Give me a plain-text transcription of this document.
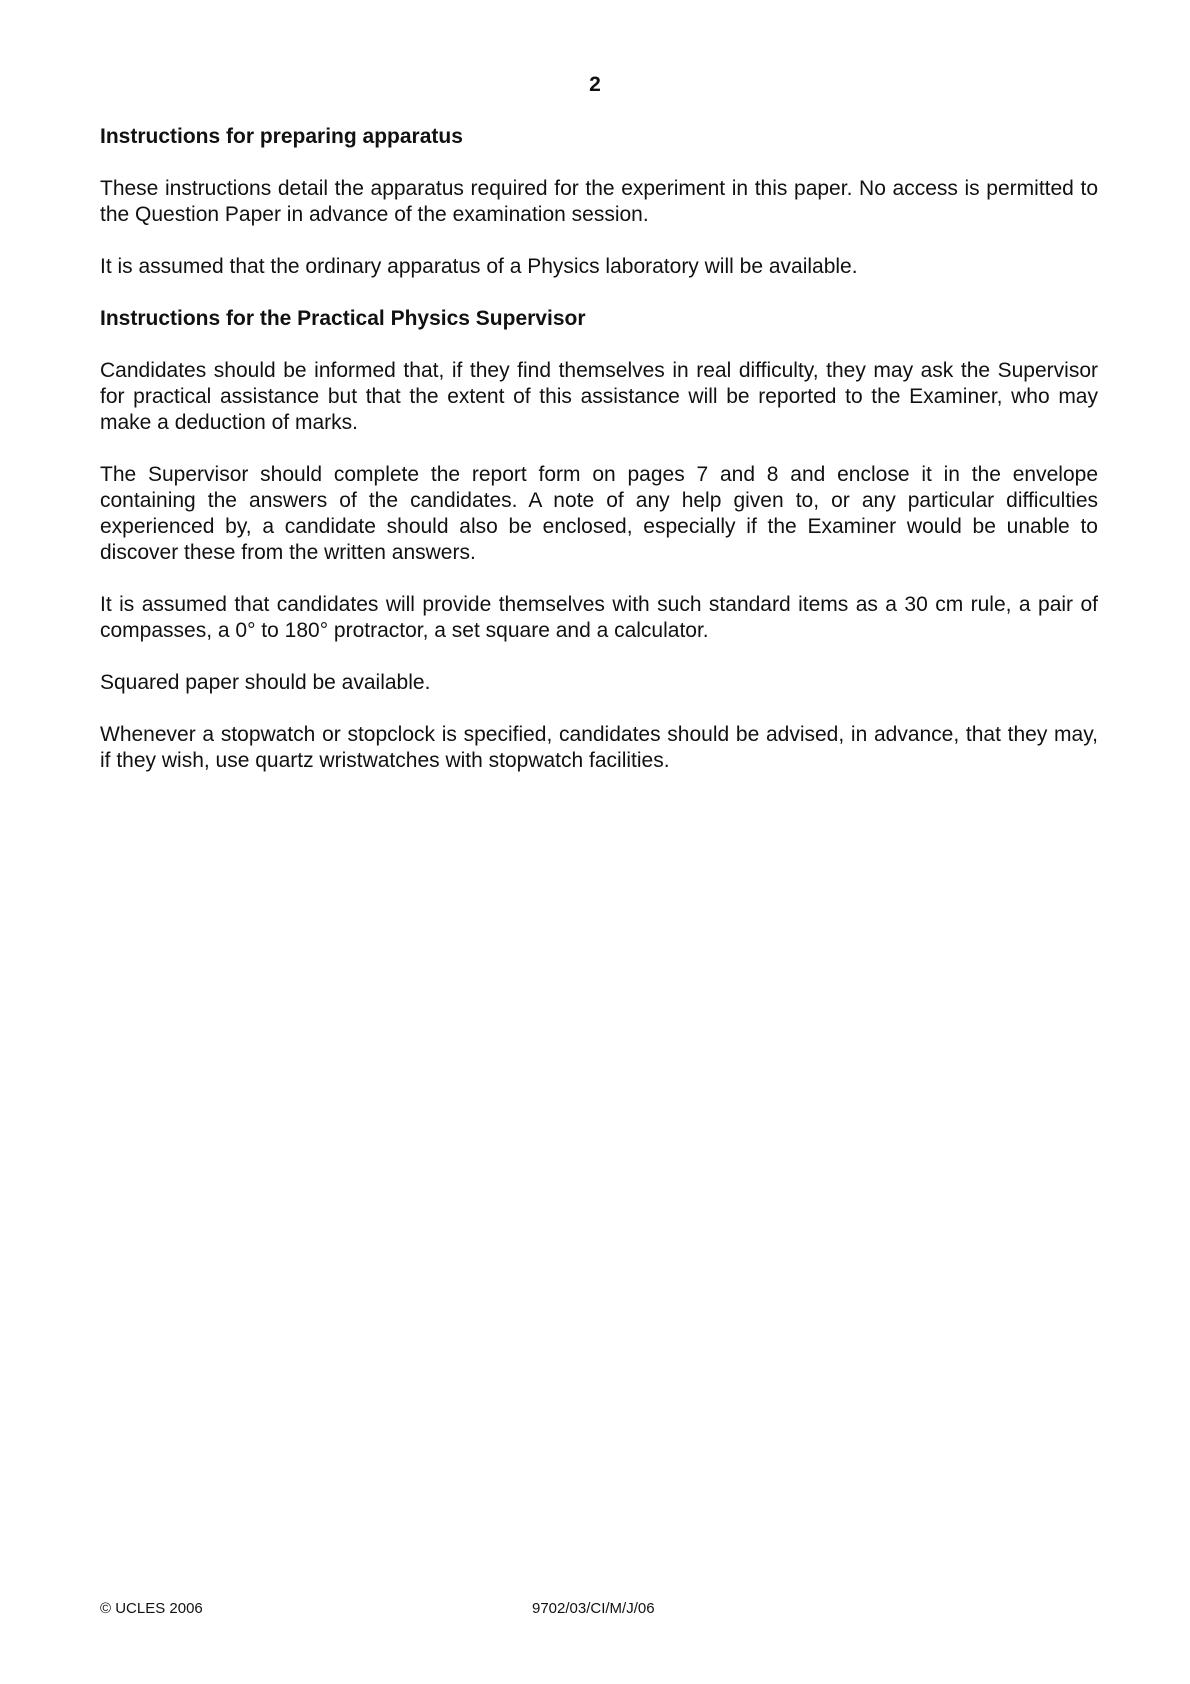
2
Instructions for preparing apparatus
These instructions detail the apparatus required for the experiment in this paper. No access is permitted to the Question Paper in advance of the examination session.
It is assumed that the ordinary apparatus of a Physics laboratory will be available.
Instructions for the Practical Physics Supervisor
Candidates should be informed that, if they find themselves in real difficulty, they may ask the Supervisor for practical assistance but that the extent of this assistance will be reported to the Examiner, who may make a deduction of marks.
The Supervisor should complete the report form on pages 7 and 8 and enclose it in the envelope containing the answers of the candidates. A note of any help given to, or any particular difficulties experienced by, a candidate should also be enclosed, especially if the Examiner would be unable to discover these from the written answers.
It is assumed that candidates will provide themselves with such standard items as a 30 cm rule, a pair of compasses, a 0° to 180° protractor, a set square and a calculator.
Squared paper should be available.
Whenever a stopwatch or stopclock is specified, candidates should be advised, in advance, that they may, if they wish, use quartz wristwatches with stopwatch facilities.
© UCLES 2006	9702/03/CI/M/J/06
